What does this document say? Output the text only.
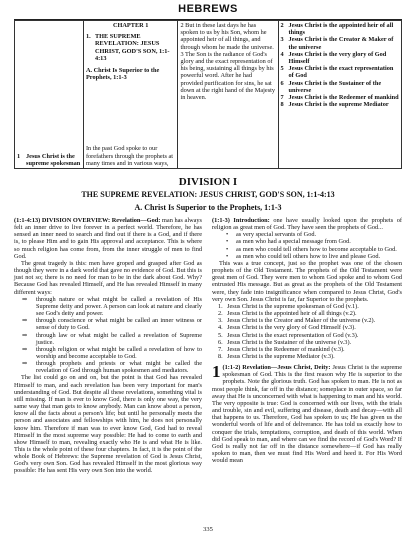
HEBREWS
1 Jesus Christ is the supreme spokesman

CHAPTER 1
1. THE SUPREME REVELATION: JESUS CHRIST, GOD'S SON, 1:1-4:13
A. Christ Is Superior to the Prophets, 1:1-3
In the past God spoke to our forefathers through the prophets at many times and in various ways,

2 But in these last days he has spoken to us by his Son, whom he appointed heir of all things, and through whom he made the universe. 3 The Son is the radiance of God's glory and the exact representation of his being, sustaining all things by his powerful word. After he had provided purification for sins, he sat down at the right hand of the Majesty in heaven.

2 Jesus Christ is the appointed heir of all things
3 Jesus Christ is the Creator & Maker of the universe
4 Jesus Christ is the very glory of God Himself
5 Jesus Christ is the exact representation of God
6 Jesus Christ is the Sustainer of the universe
7 Jesus Christ is the Redeemer of mankind
8 Jesus Christ is the supreme Mediator
DIVISION I
THE SUPREME REVELATION: JESUS CHRIST, GOD'S SON, 1:1-4:13
A. Christ Is Superior to the Prophets, 1:1-3

(1:1-4:13) DIVISION OVERVIEW: Revelation—God: man has always felt an inner drive to live forever in a perfect world. Therefore, he has sensed an inner need to search and find out if there is a God, and if there is, to please Him and to gain His approval and acceptance. This is where so much religion has come from, from the inner struggle of men to find God.

The great tragedy is this: men have groped and grasped after God as though they were in a dark world that gave no evidence of God. But this is just not so; there is no need for man to be in the dark about God. Why? Because God has revealed Himself, and He has revealed Himself in many different ways:

⇒	through nature or what might be called a revelation of His Supreme deity and power. A person can look at nature and clearly see God's deity and power.
⇒	through conscience or what might be called an inner witness or sense of duty to God.
⇒	through law or what might be called a revelation of Supreme justice.
⇒	through religion or what might be called a revelation of how to worship and become acceptable to God.
⇒	through prophets and priests or what might be called the revelation of God through human spokesmen and mediators.

The list could go on and on, but the point is that God has revealed Himself to man, and each revelation has been very important for man's understanding of God. But despite all these revelations, something vital is still missing. If man is ever to know God, there is only one way, the very same way that man gets to know anybody. Man can know about a person, know all the facts about a person's life; but until he personally meets the person and associates and fellowships with him, he does not personally know him. Therefore if man was to ever know God, God had to reveal Himself in the most supreme way possible: He had to come to earth and show Himself to man, revealing exactly who He is and what He is like. This is the whole point of these four chapters. In fact, it is the point of the whole Book of Hebrews: the Supreme revelation of God is Jesus Christ, God's very own Son. God has revealed Himself in the most glorious way possible: He has sent His very own Son into the world.

(1:1-3) Introduction: one have usually looked upon the prophets of religion as great men of God. They have seen the prophets of God...

•	as very special servants of God.
•	as men who had a special message from God.
•	as men who could tell others how to become acceptable to God.
•	as men who could tell others how to live and please God.

This was a true concept, just so the prophet was one of the chosen prophets of the Old Testament. The prophets of the Old Testament were great men of God. They were men to whom God spoke and to whom God entrusted His message. But as great as the prophets of the Old Testament were, they fade into insignificance when compared to Jesus Christ, God's very own Son. Jesus Christ is far, far Superior to the prophets.

1. Jesus Christ is the supreme spokesman of God (v.1).
2. Jesus Christ is the appointed heir of all things (v.2).
3. Jesus Christ is the Creator and Maker of the universe (v.2).
4. Jesus Christ is the very glory of God Himself (v.3).
5. Jesus Christ is the exact representation of God (v.3).
6. Jesus Christ is the Sustainer of the universe (v.3).
7. Jesus Christ is the Redeemer of mankind (v.3).
8. Jesus Christ is the supreme Mediator (v.3).

1 (1:1-2) Revelation—Jesus Christ, Deity: Jesus Christ is the supreme spokesman of God. This is the first reason why He is superior to the prophets. Note the glorious truth. God has spoken to man. He is not as most people think, far off in the distance; someplace in outer space, so far away that He is unconcerned with what is happening to man and his world. The very opposite is true: God is concerned with our lives, with the trials and trouble, sin and evil, suffering and disease, death and decay—with all that happens to us. Therefore, God has spoken to us; He has given us the wonderful words of life and of deliverance. He has told us exactly how to conquer the trials, temptations, corruption, and death of this world. When did God speak to man, and where can we find the record of God's Word? If God is really not far off in the distance somewhere—if God has really spoken to man, then we must find His Word and heed it. For His Word would mean

335
